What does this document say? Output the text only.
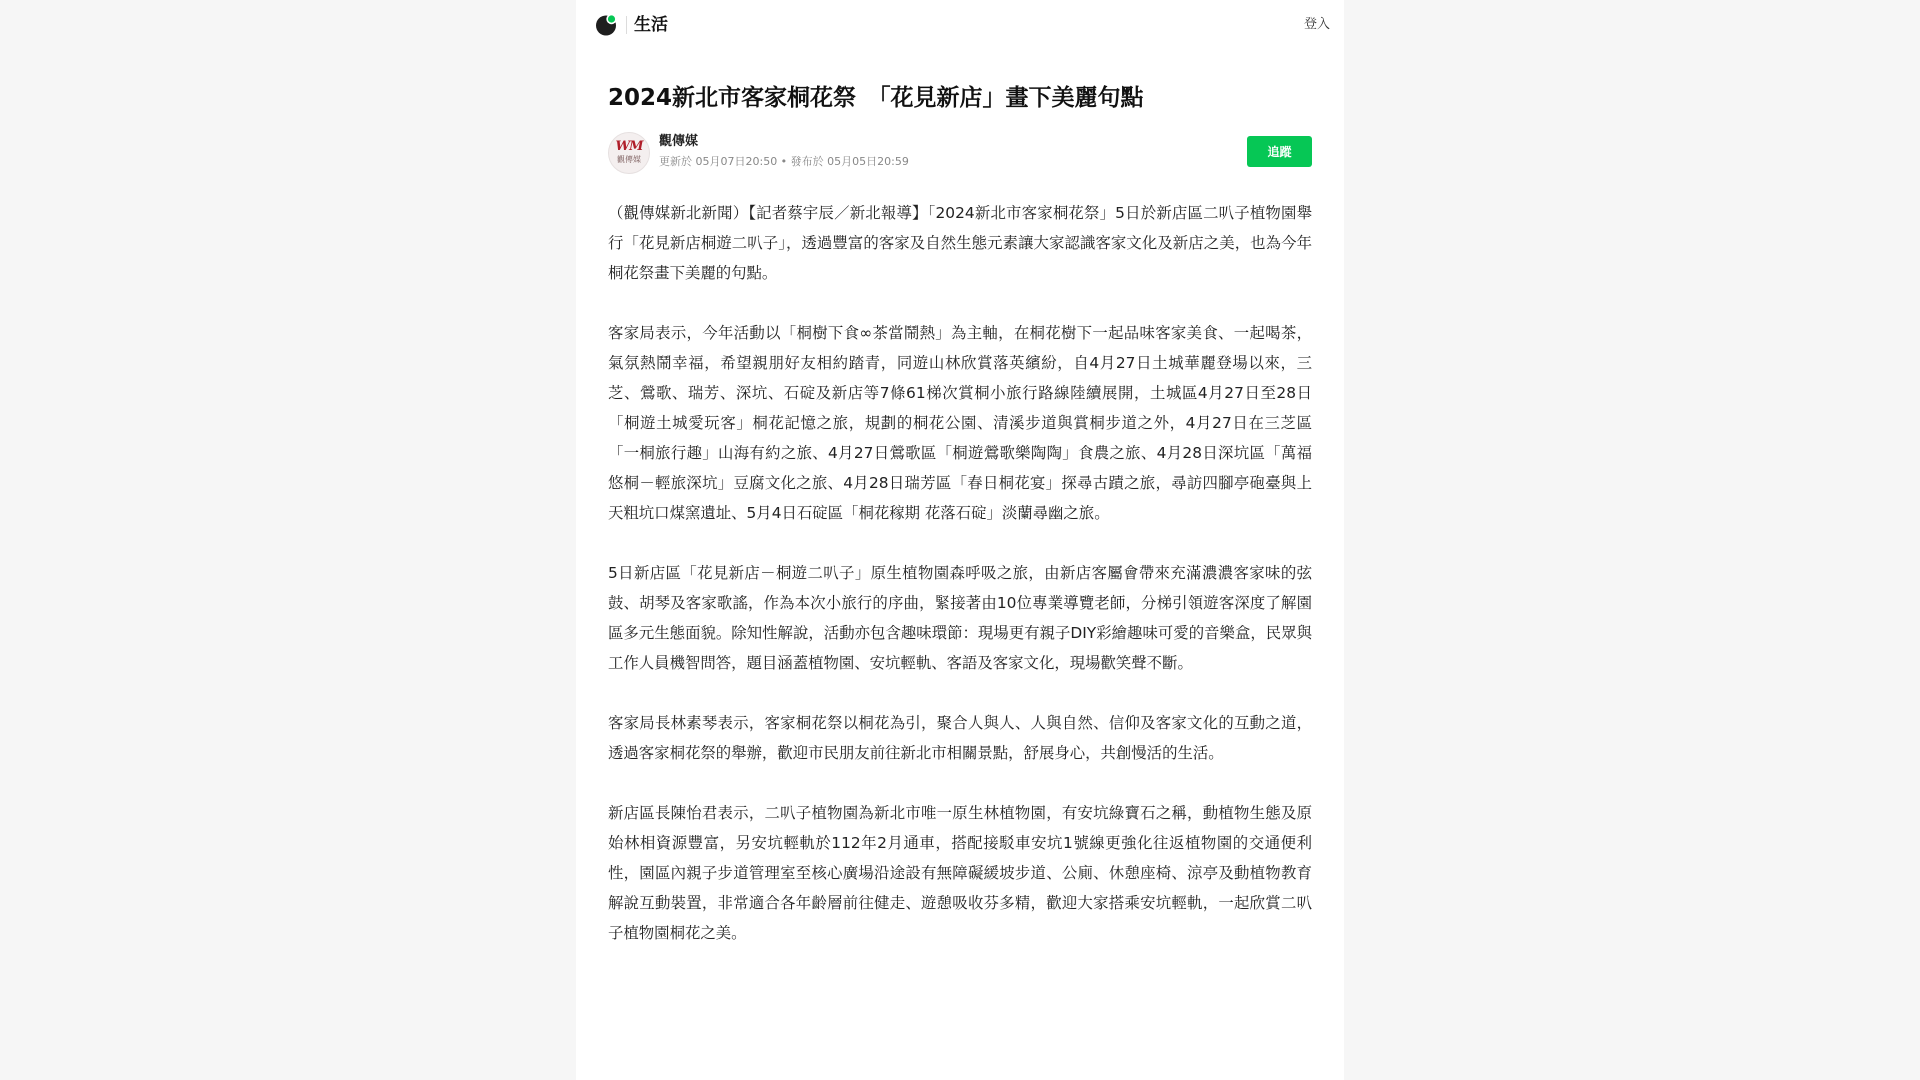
生活	登入
2024新北市客家桐花祭　「花見新店」畫下美麗句點
WM
觀傳媒
觀傳媒
更新於 05月07日20:50 • 發布於 05月05日20:59
追蹤

（觀傳媒新北新聞）【記者蔡宇辰／新北報導】「2024新北市客家桐花祭」5日於新店區二叭子植物園舉行「花見新店桐遊二叭子」，透過豐富的客家及自然生態元素讓大家認識客家文化及新店之美，也為今年桐花祭畫下美麗的句點。

客家局表示，今年活動以「桐樹下食∞茶當鬧熱」為主軸，在桐花樹下一起品味客家美食、一起喝茶，氣氛熱鬧幸福，希望親朋好友相約踏青，同遊山林欣賞落英繽紛，自4月27日土城華麗登場以來，三芝、鶯歌、瑞芳、深坑、石碇及新店等7條61梯次賞桐小旅行路線陸續展開，土城區4月27日至28日「桐遊土城愛玩客」桐花記憶之旅，規劃的桐花公園、清溪步道與賞桐步道之外，4月27日在三芝區「一桐旅行趣」山海有約之旅、4月27日鶯歌區「桐遊鶯歌樂陶陶」食農之旅、4月28日深坑區「萬福悠桐－輕旅深坑」豆腐文化之旅、4月28日瑞芳區「春日桐花宴」探尋古蹟之旅，尋訪四腳亭砲臺與上天粗坑口煤窯遺址、5月4日石碇區「桐花稼期 花落石碇」淡蘭尋幽之旅。

5日新店區「花見新店－桐遊二叭子」原生植物園森呼吸之旅，由新店客屬會帶來充滿濃濃客家味的弦鼓、胡琴及客家歌謠，作為本次小旅行的序曲，緊接著由10位專業導覽老師，分梯引領遊客深度了解園區多元生態面貌。除知性解說，活動亦包含趣味環節：現場更有親子DIY彩繪趣味可愛的音樂盒，民眾與工作人員機智問答，題目涵蓋植物園、安坑輕軌、客語及客家文化，現場歡笑聲不斷。

客家局長林素琴表示，客家桐花祭以桐花為引，聚合人與人、人與自然、信仰及客家文化的互動之道，透過客家桐花祭的舉辦，歡迎市民朋友前往新北市相關景點，舒展身心，共創慢活的生活。

新店區長陳怡君表示，二叭子植物園為新北市唯一原生林植物園，有安坑綠寶石之稱，動植物生態及原始林相資源豐富，另安坑輕軌於112年2月通車，搭配接駁車安坑1號線更強化往返植物園的交通便利性，園區內親子步道管理室至核心廣場沿途設有無障礙緩坡步道、公廁、休憩座椅、涼亭及動植物教育解說互動裝置，非常適合各年齡層前往健走、遊憩吸收芬多精，歡迎大家搭乘安坑輕軌，一起欣賞二叭子植物園桐花之美。
